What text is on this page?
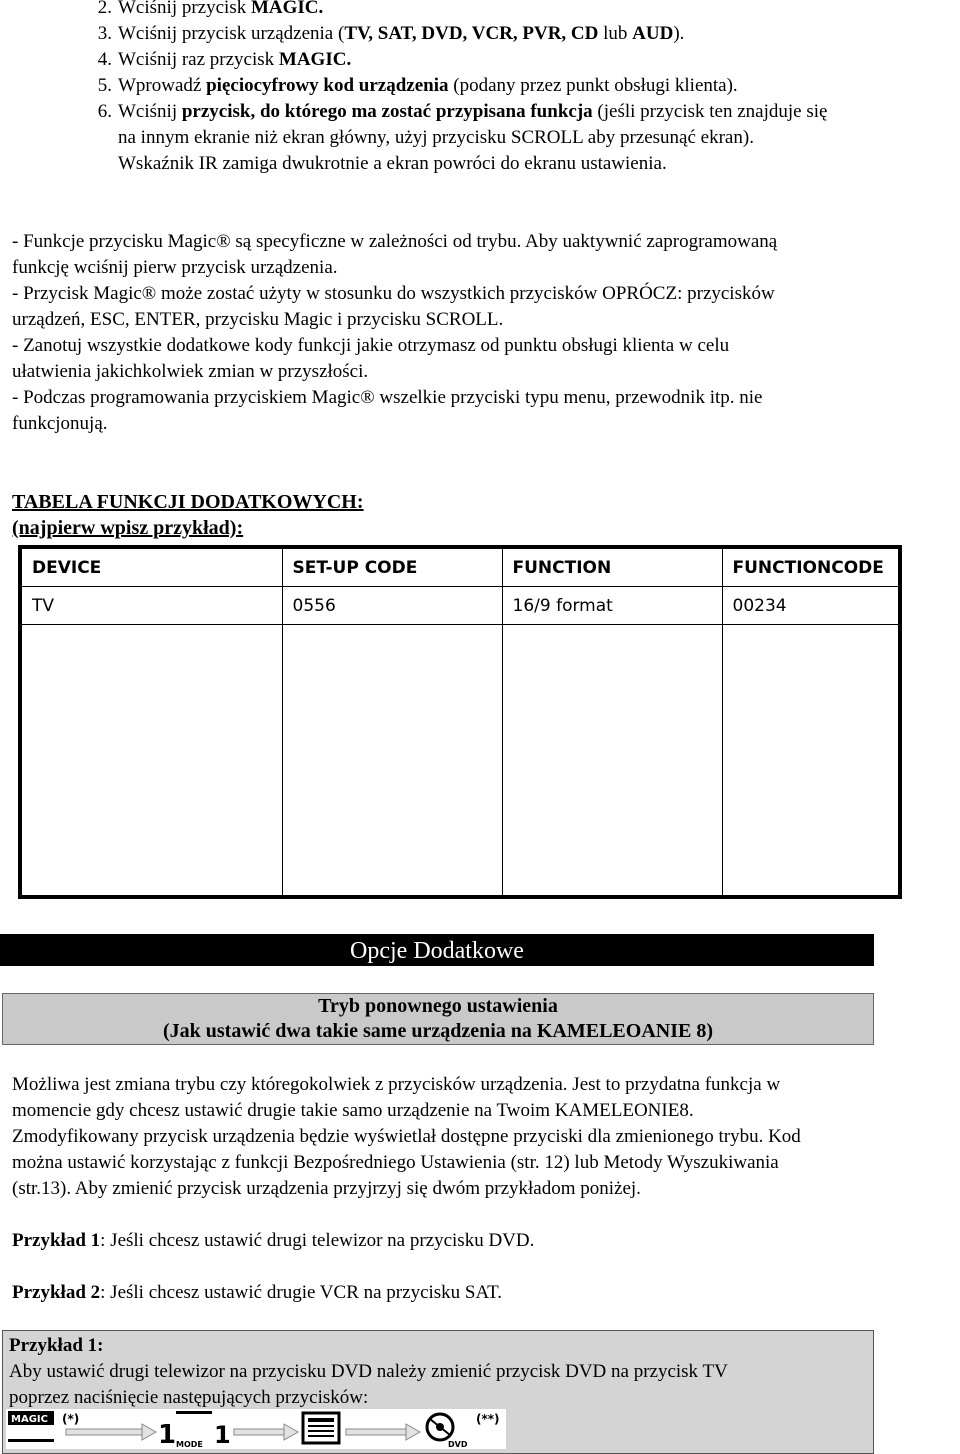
2. Wciśnij przycisk MAGIC.
3. Wciśnij przycisk urządzenia (TV, SAT, DVD, VCR, PVR, CD lub AUD).
4. Wciśnij raz przycisk MAGIC.
5. Wprowadź pięciocyfrowy kod urządzenia (podany przez punkt obsługi klienta).
6. Wciśnij przycisk, do którego ma zostać przypisana funkcja (jeśli przycisk ten znajduje się
na innym ekranie niż ekran główny, użyj przycisku SCROLL aby przesunąć ekran).
Wskaźnik IR zamiga dwukrotnie a ekran powróci do ekranu ustawienia.
- Funkcje przycisku Magic® są specyficzne w zależności od trybu. Aby uaktywnić zaprogramowaną
funkcję wciśnij pierw przycisk urządzenia.
- Przycisk Magic® może zostać użyty w stosunku do wszystkich przycisków OPRÓCZ: przycisków
urządzeń, ESC, ENTER, przycisku Magic i przycisku SCROLL.
- Zanotuj wszystkie dodatkowe kody funkcji jakie otrzymasz od punktu obsługi klienta w celu
ułatwienia jakichkolwiek zmian w przyszłości.
- Podczas programowania przyciskiem Magic® wszelkie przyciski typu menu, przewodnik itp. nie
funkcjonują.
TABELA FUNKCJI DODATKOWYCH:
(najpierw wpisz przykład):
DEVICE	SET-UP CODE	FUNCTION	FUNCTIONCODE
TV	0556	16/9 format	00234

Opcje Dodatkowe
Tryb ponownego ustawienia
(Jak ustawić dwa takie same urządzenia na KAMELEOANIE 8)
Możliwa jest zmiana trybu czy któregokolwiek z przycisków urządzenia. Jest to przydatna funkcja w
momencie gdy chcesz ustawić drugie takie samo urządzenie na Twoim KAMELEONIE8.
Zmodyfikowany przycisk urządzenia będzie wyświetlał dostępne przyciski dla zmienionego trybu. Kod
można ustawić korzystając z funkcji Bezpośredniego Ustawienia (str. 12) lub Metody Wyszukiwania
(str.13). Aby zmienić przycisk urządzenia przyjrzyj się dwóm przykładom poniżej.
Przykład 1: Jeśli chcesz ustawić drugi telewizor na przycisku DVD.
Przykład 2: Jeśli chcesz ustawić drugie VCR na przycisku SAT.
Przykład 1:
Aby ustawić drugi telewizor na przycisku DVD należy zmienić przycisk DVD na przycisk TV
poprzez naciśnięcie następujących przycisków:
MAGIC (*)
1 MODE 1	DVD
(**)
